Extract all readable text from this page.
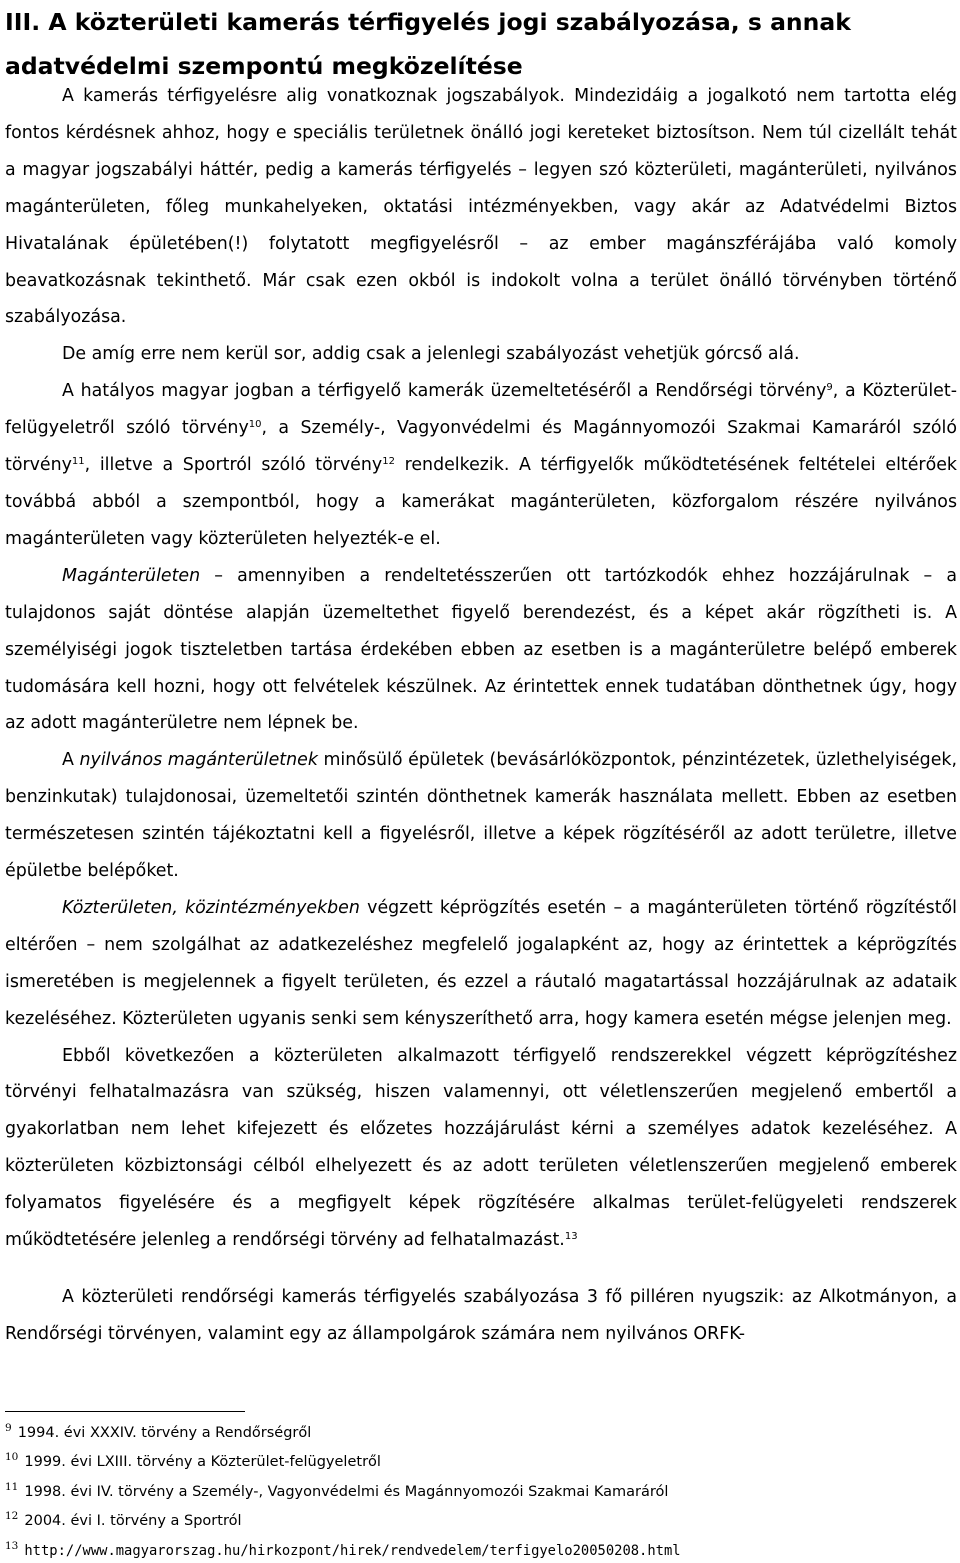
III. A közterületi kamerás térfigyelés jogi szabályozása, s annak adatvédelmi szempontú megközelítése

A kamerás térfigyelésre alig vonatkoznak jogszabályok. Mindezidáig a jogalkotó nem tartotta elég fontos kérdésnek ahhoz, hogy e speciális területnek önálló jogi kereteket biztosítson. Nem túl cizellált tehát a magyar jogszabályi háttér, pedig a kamerás térfigyelés – legyen szó közterületi, magánterületi, nyilvános magánterületen, főleg munkahelyeken, oktatási intézményekben, vagy akár az Adatvédelmi Biztos Hivatalának épületében(!) folytatott megfigyelésről – az ember magánszférájába való komoly beavatkozásnak tekinthető. Már csak ezen okból is indokolt volna a terület önálló törvényben történő szabályozása.

De amíg erre nem kerül sor, addig csak a jelenlegi szabályozást vehetjük górcső alá.

A hatályos magyar jogban a térfigyelő kamerák üzemeltetéséről a Rendőrségi törvény$^9$, a Közterület-felügyeletről szóló törvény$^{10}$, a Személy-, Vagyonvédelmi és Magánnyomozói Szakmai Kamaráról szóló törvény$^{11}$, illetve a Sportról szóló törvény$^{12}$ rendelkezik. A térfigyelők működtetésének feltételei eltérőek továbbá abból a szempontból, hogy a kamerákat magánterületen, közforgalom részére nyilvános magánterületen vagy közterületen helyezték-e el.

Magánterületen – amennyiben a rendeltetésszerűen ott tartózkodók ehhez hozzájárulnak – a tulajdonos saját döntése alapján üzemeltethet figyelő berendezést, és a képet akár rögzítheti is. A személyiségi jogok tiszteletben tartása érdekében ebben az esetben is a magánterületre belépő emberek tudomására kell hozni, hogy ott felvételek készülnek. Az érintettek ennek tudatában dönthetnek úgy, hogy az adott magánterületre nem lépnek be.

A nyilvános magánterületnek minősülő épületek (bevásárlóközpontok, pénzintézetek, üzlethelyiségek, benzinkutak) tulajdonosai, üzemeltetői szintén dönthetnek kamerák használata mellett. Ebben az esetben természetesen szintén tájékoztatni kell a figyelésről, illetve a képek rögzítéséről az adott területre, illetve épületbe belépőket.

Közterületen, közintézményekben végzett képrögzítés esetén – a magánterületen történő rögzítéstől eltérően – nem szolgálhat az adatkezeléshez megfelelő jogalapként az, hogy az érintettek a képrögzítés ismeretében is megjelennek a figyelt területen, és ezzel a ráutaló magatartással hozzájárulnak az adataik kezeléséhez. Közterületen ugyanis senki sem kényszeríthető arra, hogy kamera esetén mégse jelenjen meg.

Ebből következően a közterületen alkalmazott térfigyelő rendszerekkel végzett képrögzítéshez törvényi felhatalmazásra van szükség, hiszen valamennyi, ott véletlenszerűen megjelenő embertől a gyakorlatban nem lehet kifejezett és előzetes hozzájárulást kérni a személyes adatok kezeléséhez. A közterületen közbiztonsági célból elhelyezett és az adott területen véletlenszerűen megjelenő emberek folyamatos figyelésére és a megfigyelt képek rögzítésére alkalmas terület-felügyeleti rendszerek működtetésére jelenleg a rendőrségi törvény ad felhatalmazást.$^{13}$

A közterületi rendőrségi kamerás térfigyelés szabályozása 3 fő pilléren nyugszik: az Alkotmányon, a Rendőrségi törvényen, valamint egy az állampolgárok számára nem nyilvános ORFK-

$^9$ 1994. évi XXXIV. törvény a Rendőrségről
$^{10}$ 1999. évi LXIII. törvény a Közterület-felügyeletről
$^{11}$ 1998. évi IV. törvény a Személy-, Vagyonvédelmi és Magánnyomozói Szakmai Kamaráról
$^{12}$ 2004. évi I. törvény a Sportról
$^{13}$ http://www.magyarorszag.hu/hirkozpont/hirek/rendvedelem/terfigyelo20050208.html
